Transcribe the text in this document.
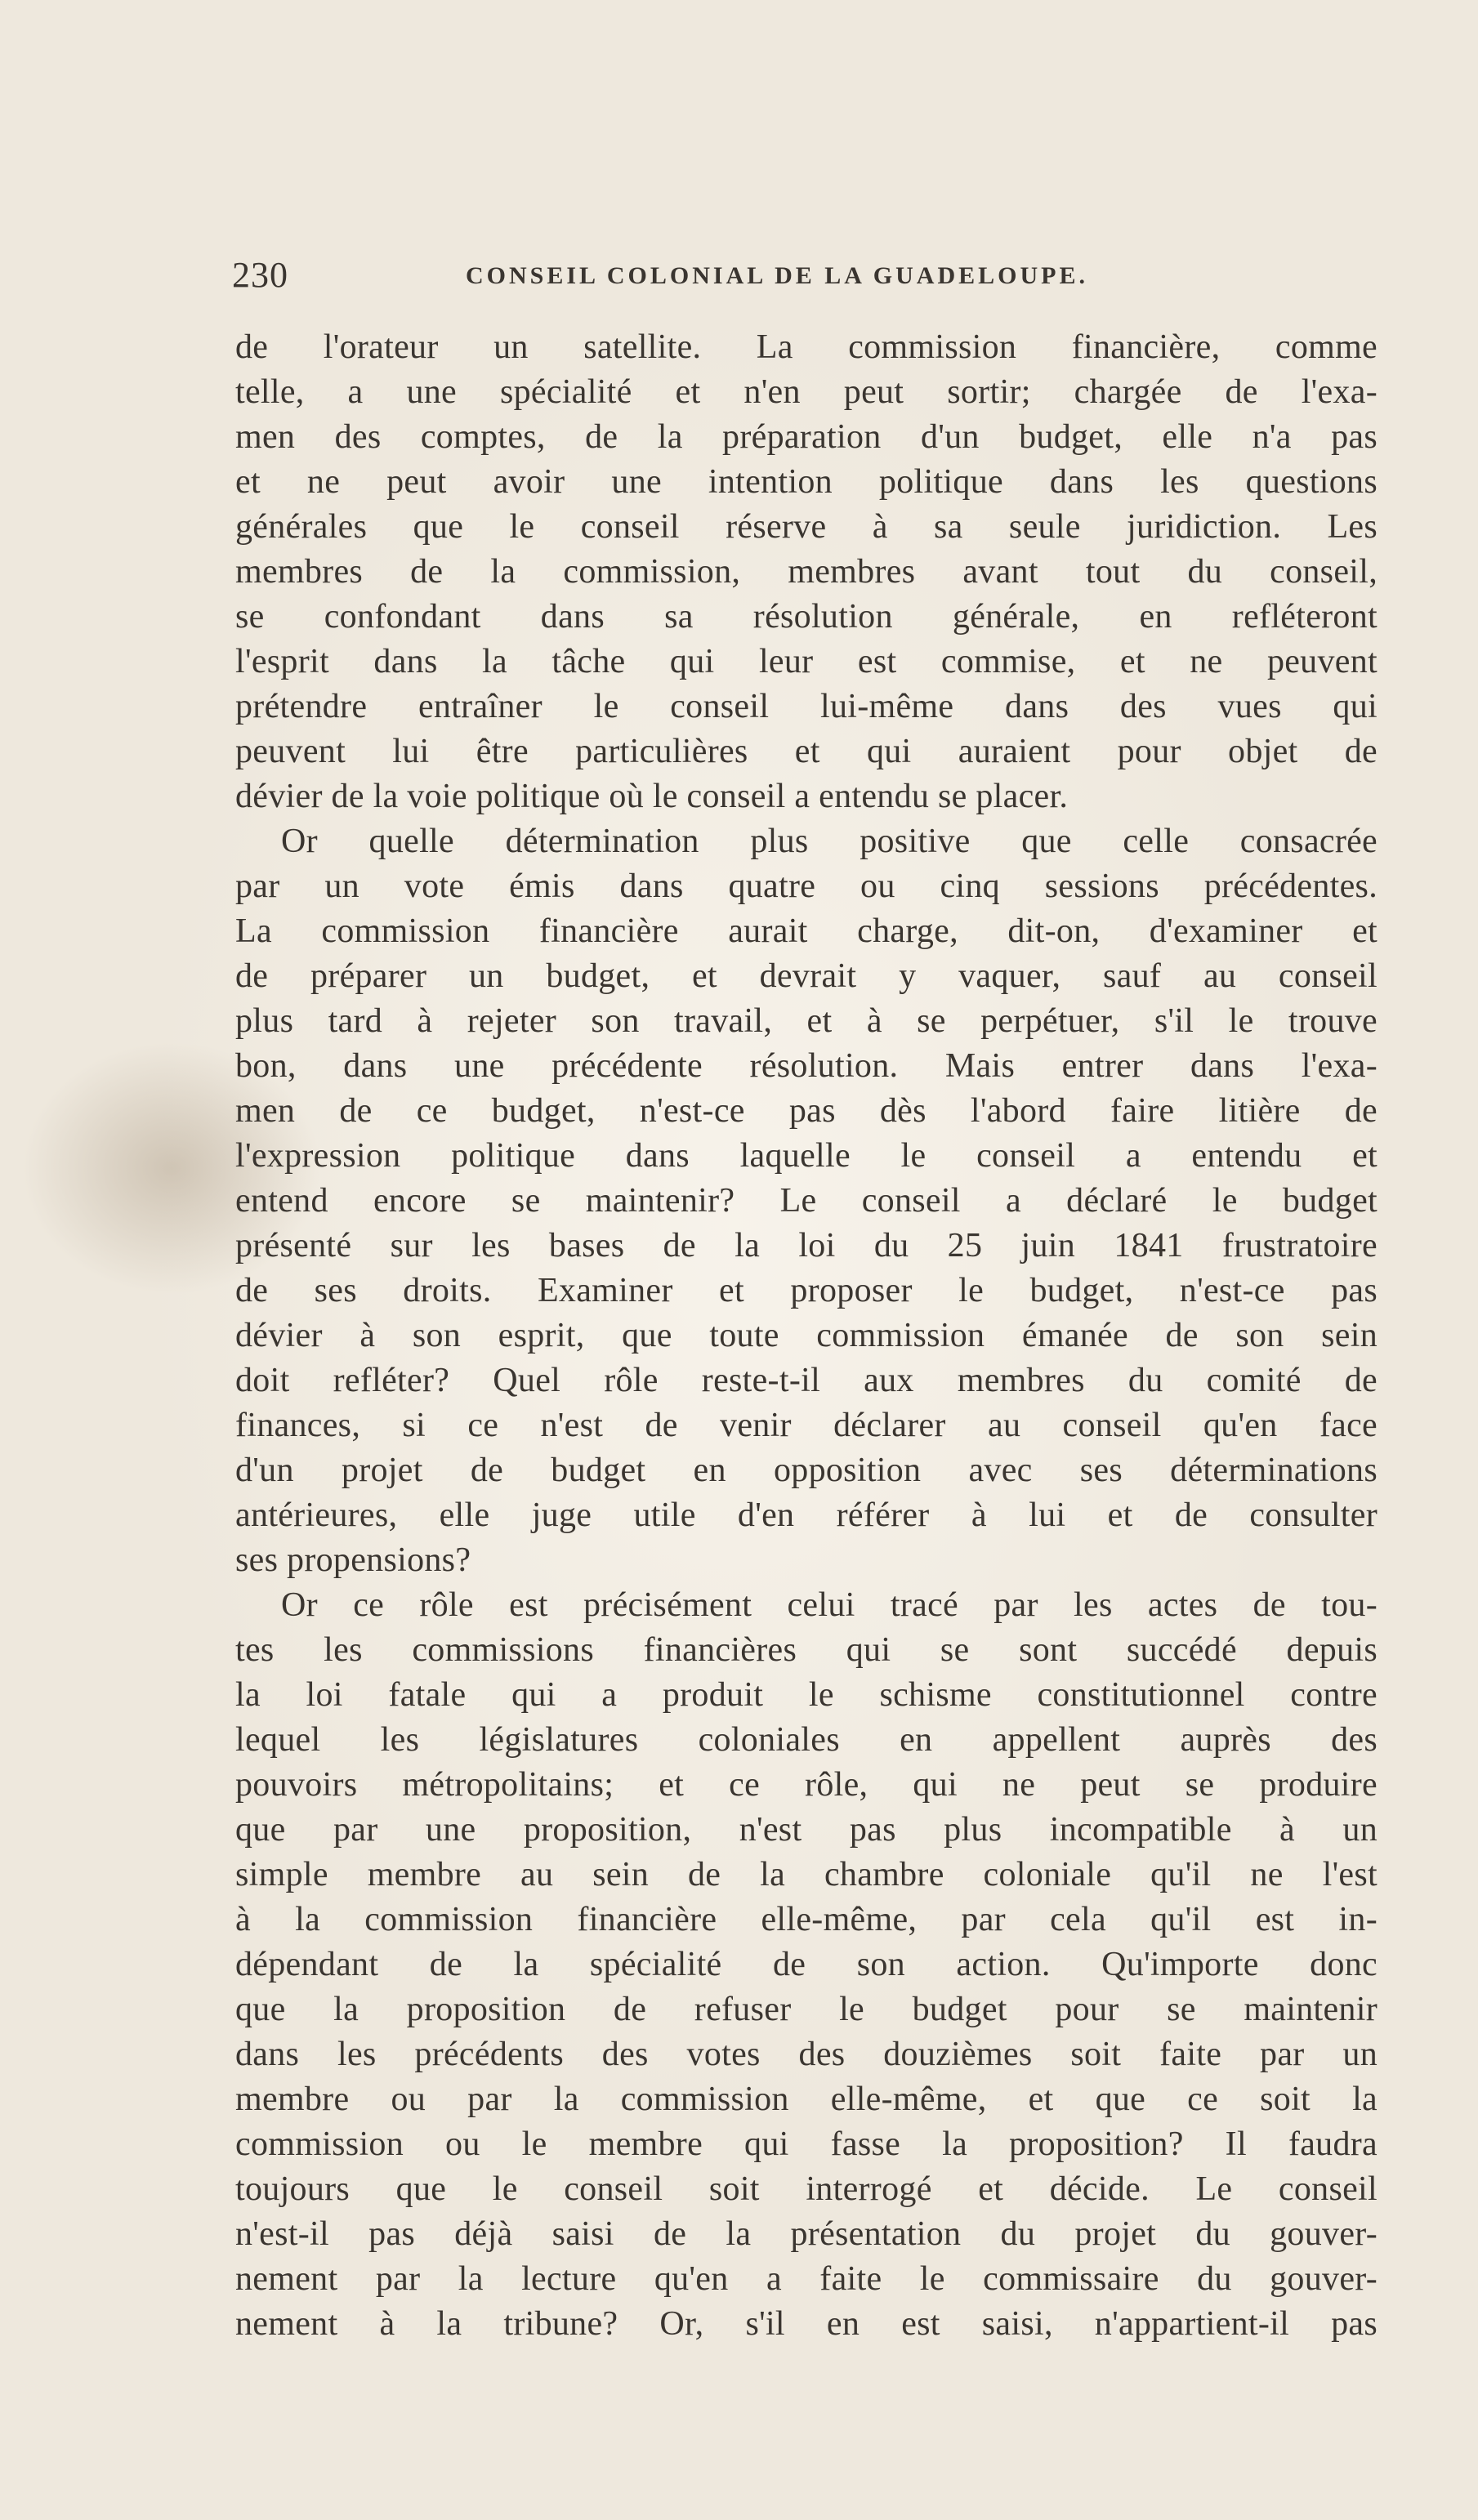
230	CONSEIL COLONIAL DE LA GUADELOUPE.
de l'orateur un satellite. La commission financière, comme
telle, a une spécialité et n'en peut sortir; chargée de l'exa-
men des comptes, de la préparation d'un budget, elle n'a pas
et ne peut avoir une intention politique dans les questions
générales que le conseil réserve à sa seule juridiction. Les
membres de la commission, membres avant tout du conseil,
se confondant dans sa résolution générale, en refléteront
l'esprit dans la tâche qui leur est commise, et ne peuvent
prétendre entraîner le conseil lui-même dans des vues qui
peuvent lui être particulières et qui auraient pour objet de
dévier de la voie politique où le conseil a entendu se placer.
Or quelle détermination plus positive que celle consacrée
par un vote émis dans quatre ou cinq sessions précédentes.
La commission financière aurait charge, dit-on, d'examiner et
de préparer un budget, et devrait y vaquer, sauf au conseil
plus tard à rejeter son travail, et à se perpétuer, s'il le trouve
bon, dans une précédente résolution. Mais entrer dans l'exa-
men de ce budget, n'est-ce pas dès l'abord faire litière de
l'expression politique dans laquelle le conseil a entendu et
entend encore se maintenir? Le conseil a déclaré le budget
présenté sur les bases de la loi du 25 juin 1841 frustratoire
de ses droits. Examiner et proposer le budget, n'est-ce pas
dévier à son esprit, que toute commission émanée de son sein
doit refléter? Quel rôle reste-t-il aux membres du comité de
finances, si ce n'est de venir déclarer au conseil qu'en face
d'un projet de budget en opposition avec ses déterminations
antérieures, elle juge utile d'en référer à lui et de consulter
ses propensions?
Or ce rôle est précisément celui tracé par les actes de tou-
tes les commissions financières qui se sont succédé depuis
la loi fatale qui a produit le schisme constitutionnel contre
lequel les législatures coloniales en appellent auprès des
pouvoirs métropolitains; et ce rôle, qui ne peut se produire
que par une proposition, n'est pas plus incompatible à un
simple membre au sein de la chambre coloniale qu'il ne l'est
à la commission financière elle-même, par cela qu'il est in-
dépendant de la spécialité de son action. Qu'importe donc
que la proposition de refuser le budget pour se maintenir
dans les précédents des votes des douzièmes soit faite par un
membre ou par la commission elle-même, et que ce soit la
commission ou le membre qui fasse la proposition? Il faudra
toujours que le conseil soit interrogé et décide. Le conseil
n'est-il pas déjà saisi de la présentation du projet du gouver-
nement par la lecture qu'en a faite le commissaire du gouver-
nement à la tribune? Or, s'il en est saisi, n'appartient-il pas
